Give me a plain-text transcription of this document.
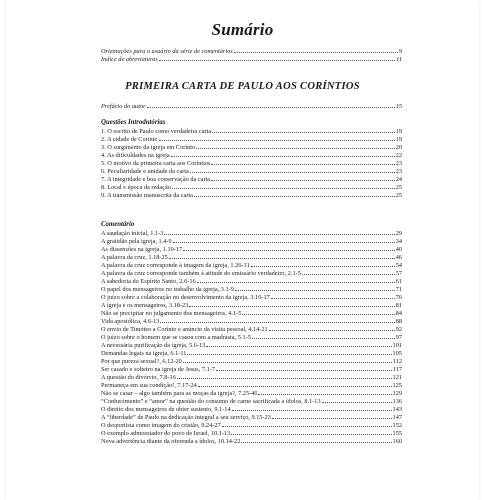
Sumário
Orientações para o usuário da série de comentários	9
Índice de abreviaturas	11
PRIMEIRA CARTA DE PAULO AOS CORÍNTIOS
Prefácio do autor	15
Questões Introdutórias
1. O escrito de Paulo como verdadeira carta	19
2. A cidade de Corinto	19
3. O surgimento da igreja em Corinto	20
4. As dificuldades na igreja	22
5. O motivo da primeira carta aos Coríntios	23
6. Peculiaridade e unidade da carta	23
7. A integridade e boa conservação da carta	24
8. Local e época da redação	25
9. A transmissão manuscrita da carta	25
Comentário
A saudação inicial, 1.1-3	29
A gratidão pela igreja, 1.4-9	34
As dissensões na igreja, 1.10-17	40
A palavra da cruz, 1.18-25	46
A palavra da cruz corresponde à imagem da igreja, 1.26-31	54
A palavra da cruz corresponde também à atitude do emissário verdadeiro, 2.1-5	57
A sabedoria do Espírito Santo, 2.6-16	61
O papel dos mensageiros no trabalho da igreja, 3.1-9	71
O juízo sobre a colaboração no desenvolvimento da igreja, 3.10-17	76
A igreja e os mensageiros, 3.18-23	81
Não se precipitar no julgamento dos mensageiros, 4.1-5	84
Vida apostólica, 4.6-13	88
O envio de Timóteo a Corinto e anúncio da visita pessoal, 4.14-21	92
O juízo sobre o homem que se casou com a madrasta, 5.1-5	97
A necessária purificação da igreja, 5.6-13	101
Demandas legais na igreja, 6.1-11	105
Por que pureza sexual?, 6.12-20	112
Ser casado e solteiro na igreja de Jesus, 7.1-7	117
A questão do divórcio, 7.8-16	121
Permaneça em sua condição!, 7.17-24	125
Não se casar – algo também para as moças da igreja?, 7.25-40	129
“Conhecimento” e “amor” na questão do consumo de carne sacrificada a ídolos, 8.1-13	136
O direito dos mensageiros de obter sustento, 9.1-14	143
A “liberdade” de Paulo na dedicação integral a seu serviço, 9.15-23	147
O desportista como imagem do cristão, 9.24-27	152
O exemplo admoestador do povo de Israel, 10.1-13	155
Nova advertência diante da oferenda a ídolos, 10.14-22	160
